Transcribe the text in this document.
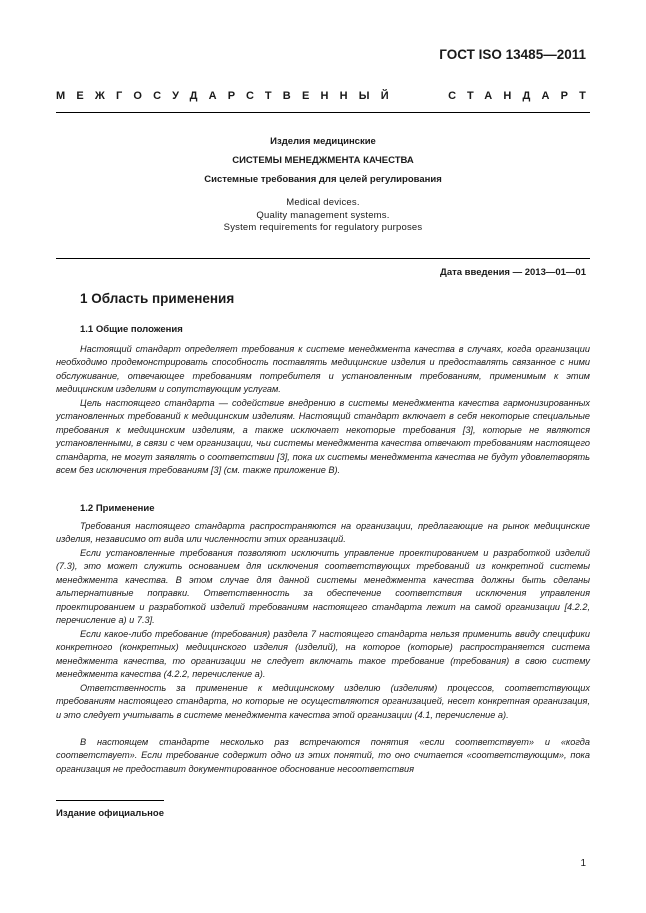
ГОСТ ISO 13485—2011
МЕЖГОСУДАРСТВЕННЫЙ	СТАНДАРТ
Изделия медицинские
СИСТЕМЫ МЕНЕДЖМЕНТА КАЧЕСТВА
Системные требования для целей регулирования
Medical devices.
Quality management systems.
System requirements for regulatory purposes
Дата введения — 2013—01—01
1 Область применения
1.1 Общие положения

Настоящий стандарт определяет требования к системе менеджмента качества в случаях, когда организации необходимо продемонстрировать способность поставлять медицинские изделия и предоставлять связанное с ними обслуживание, отвечающее требованиям потребителя и установленным требованиям, применимым к этим медицинским изделиям и сопутствующим услугам.

Цель настоящего стандарта — содействие внедрению в системы менеджмента качества гармонизированных установленных требований к медицинским изделиям. Настоящий стандарт включает в себя некоторые специальные требования к медицинским изделиям, а также исключает некоторые требования [3], которые не являются установленными, в связи с чем организации, чьи системы менеджмента качества отвечают требованиям настоящего стандарта, не могут заявлять о соответствии [3], пока их системы менеджмента качества не будут удовлетворять всем без исключения требованиям [3] (см. также приложение В).

1.2 Применение

Требования настоящего стандарта распространяются на организации, предлагающие на рынок медицинские изделия, независимо от вида или численности этих организаций.

Если установленные требования позволяют исключить управление проектированием и разработкой изделий (7.3), это может служить основанием для исключения соответствующих требований из конкретной системы менеджмента качества. В этом случае для данной системы менеджмента качества должны быть сделаны альтернативные поправки. Ответственность за обеспечение соответствия исключения управления проектированием и разработкой изделий требованиям настоящего стандарта лежит на самой организации [4.2.2, перечисление а) и 7.3].

Если какое-либо требование (требования) раздела 7 настоящего стандарта нельзя применить ввиду специфики конкретного (конкретных) медицинского изделия (изделий), на которое (которые) распространяется система менеджмента качества, то организации не следует включать такое требование (требования) в свою систему менеджмента качества (4.2.2, перечисление а).

Ответственность за применение к медицинскому изделию (изделиям) процессов, соответствующих требованиям настоящего стандарта, но которые не осуществляются организацией, несет конкретная организация, и это следует учитывать в системе менеджмента качества этой организации (4.1, перечисление а).

В настоящем стандарте несколько раз встречаются понятия «если соответствует» и «когда соответствует». Если требование содержит одно из этих понятий, то оно считается «соответствующим», пока организация не предоставит документированное обоснование несоответствия

Издание официальное
1
